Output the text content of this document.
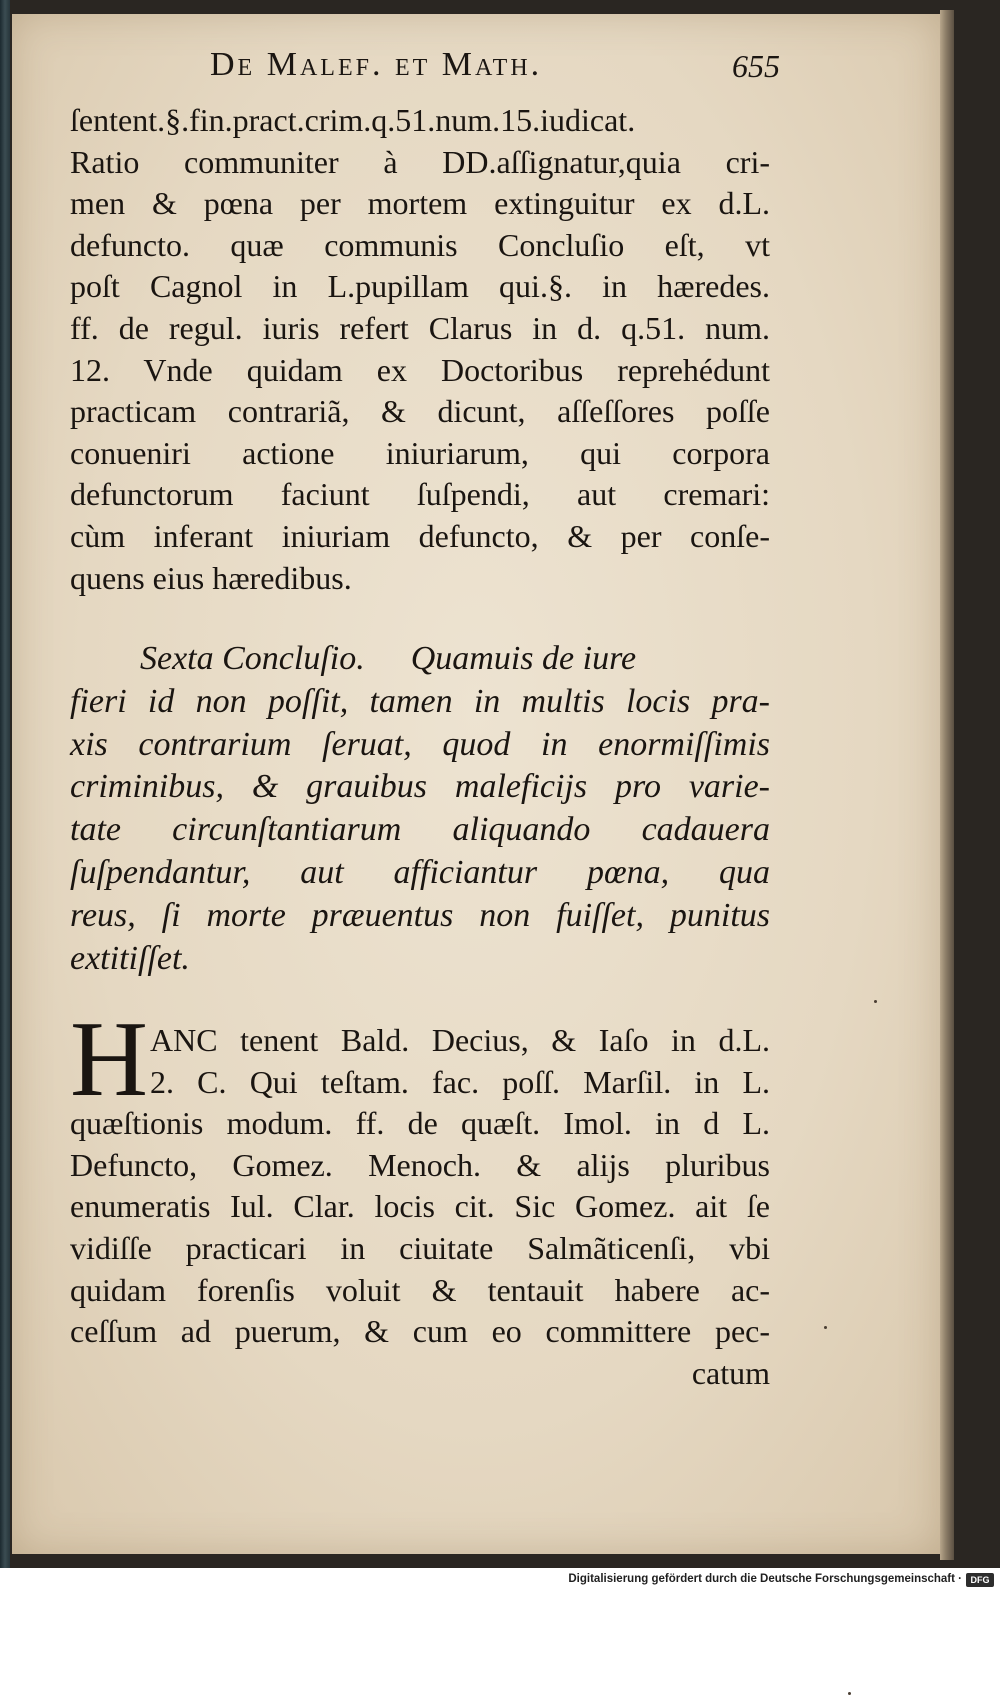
De Malef. et Math.	655
ſentent.§.fin.pract.crim.q.51.num.15.iudicat.
Ratio communiter à DD.aſſignatur,quia cri-
men & pœna per mortem extinguitur ex d.L.
defuncto. quæ communis Concluſio eſt, vt
poſt Cagnol in L.pupillam qui.§. in hæredes.
ff. de regul. iuris refert Clarus in d. q.51. num.
12. Vnde quidam ex Doctoribus reprehédunt
practicam contrariã, & dicunt, aſſeſſores poſſe
conueniri actione iniuriarum, qui corpora
defunctorum faciunt ſuſpendi, aut cremari:
cùm inferant iniuriam defuncto, & per conſe-
quens eius hæredibus.
Sexta Concluſio. Quamuis de iure
fieri id non poſſit, tamen in multis locis pra-
xis contrarium ſeruat, quod in enormiſſimis
criminibus, & grauibus maleficijs pro varie-
tate circunſtantiarum aliquando cadauera
ſuſpendantur, aut afficiantur pœna, qua
reus, ſi morte præuentus non fuiſſet, punitus
extitiſſet.
H ANC tenent Bald. Decius, & Iaſo in d.L.
2. C. Qui teſtam. fac. poſſ. Marſil. in L.
quæſtionis modum. ff. de quæſt. Imol. in d L.
Defuncto, Gomez. Menoch. & alijs pluribus
enumeratis Iul. Clar. locis cit. Sic Gomez. ait ſe
vidiſſe practicari in ciuitate Salmãticenſi, vbi
quidam forenſis voluit & tentauit habere ac-
ceſſum ad puerum, & cum eo committere pec-
catum
Digitalisierung gefördert durch die Deutsche Forschungsgemeinschaft · DFG
